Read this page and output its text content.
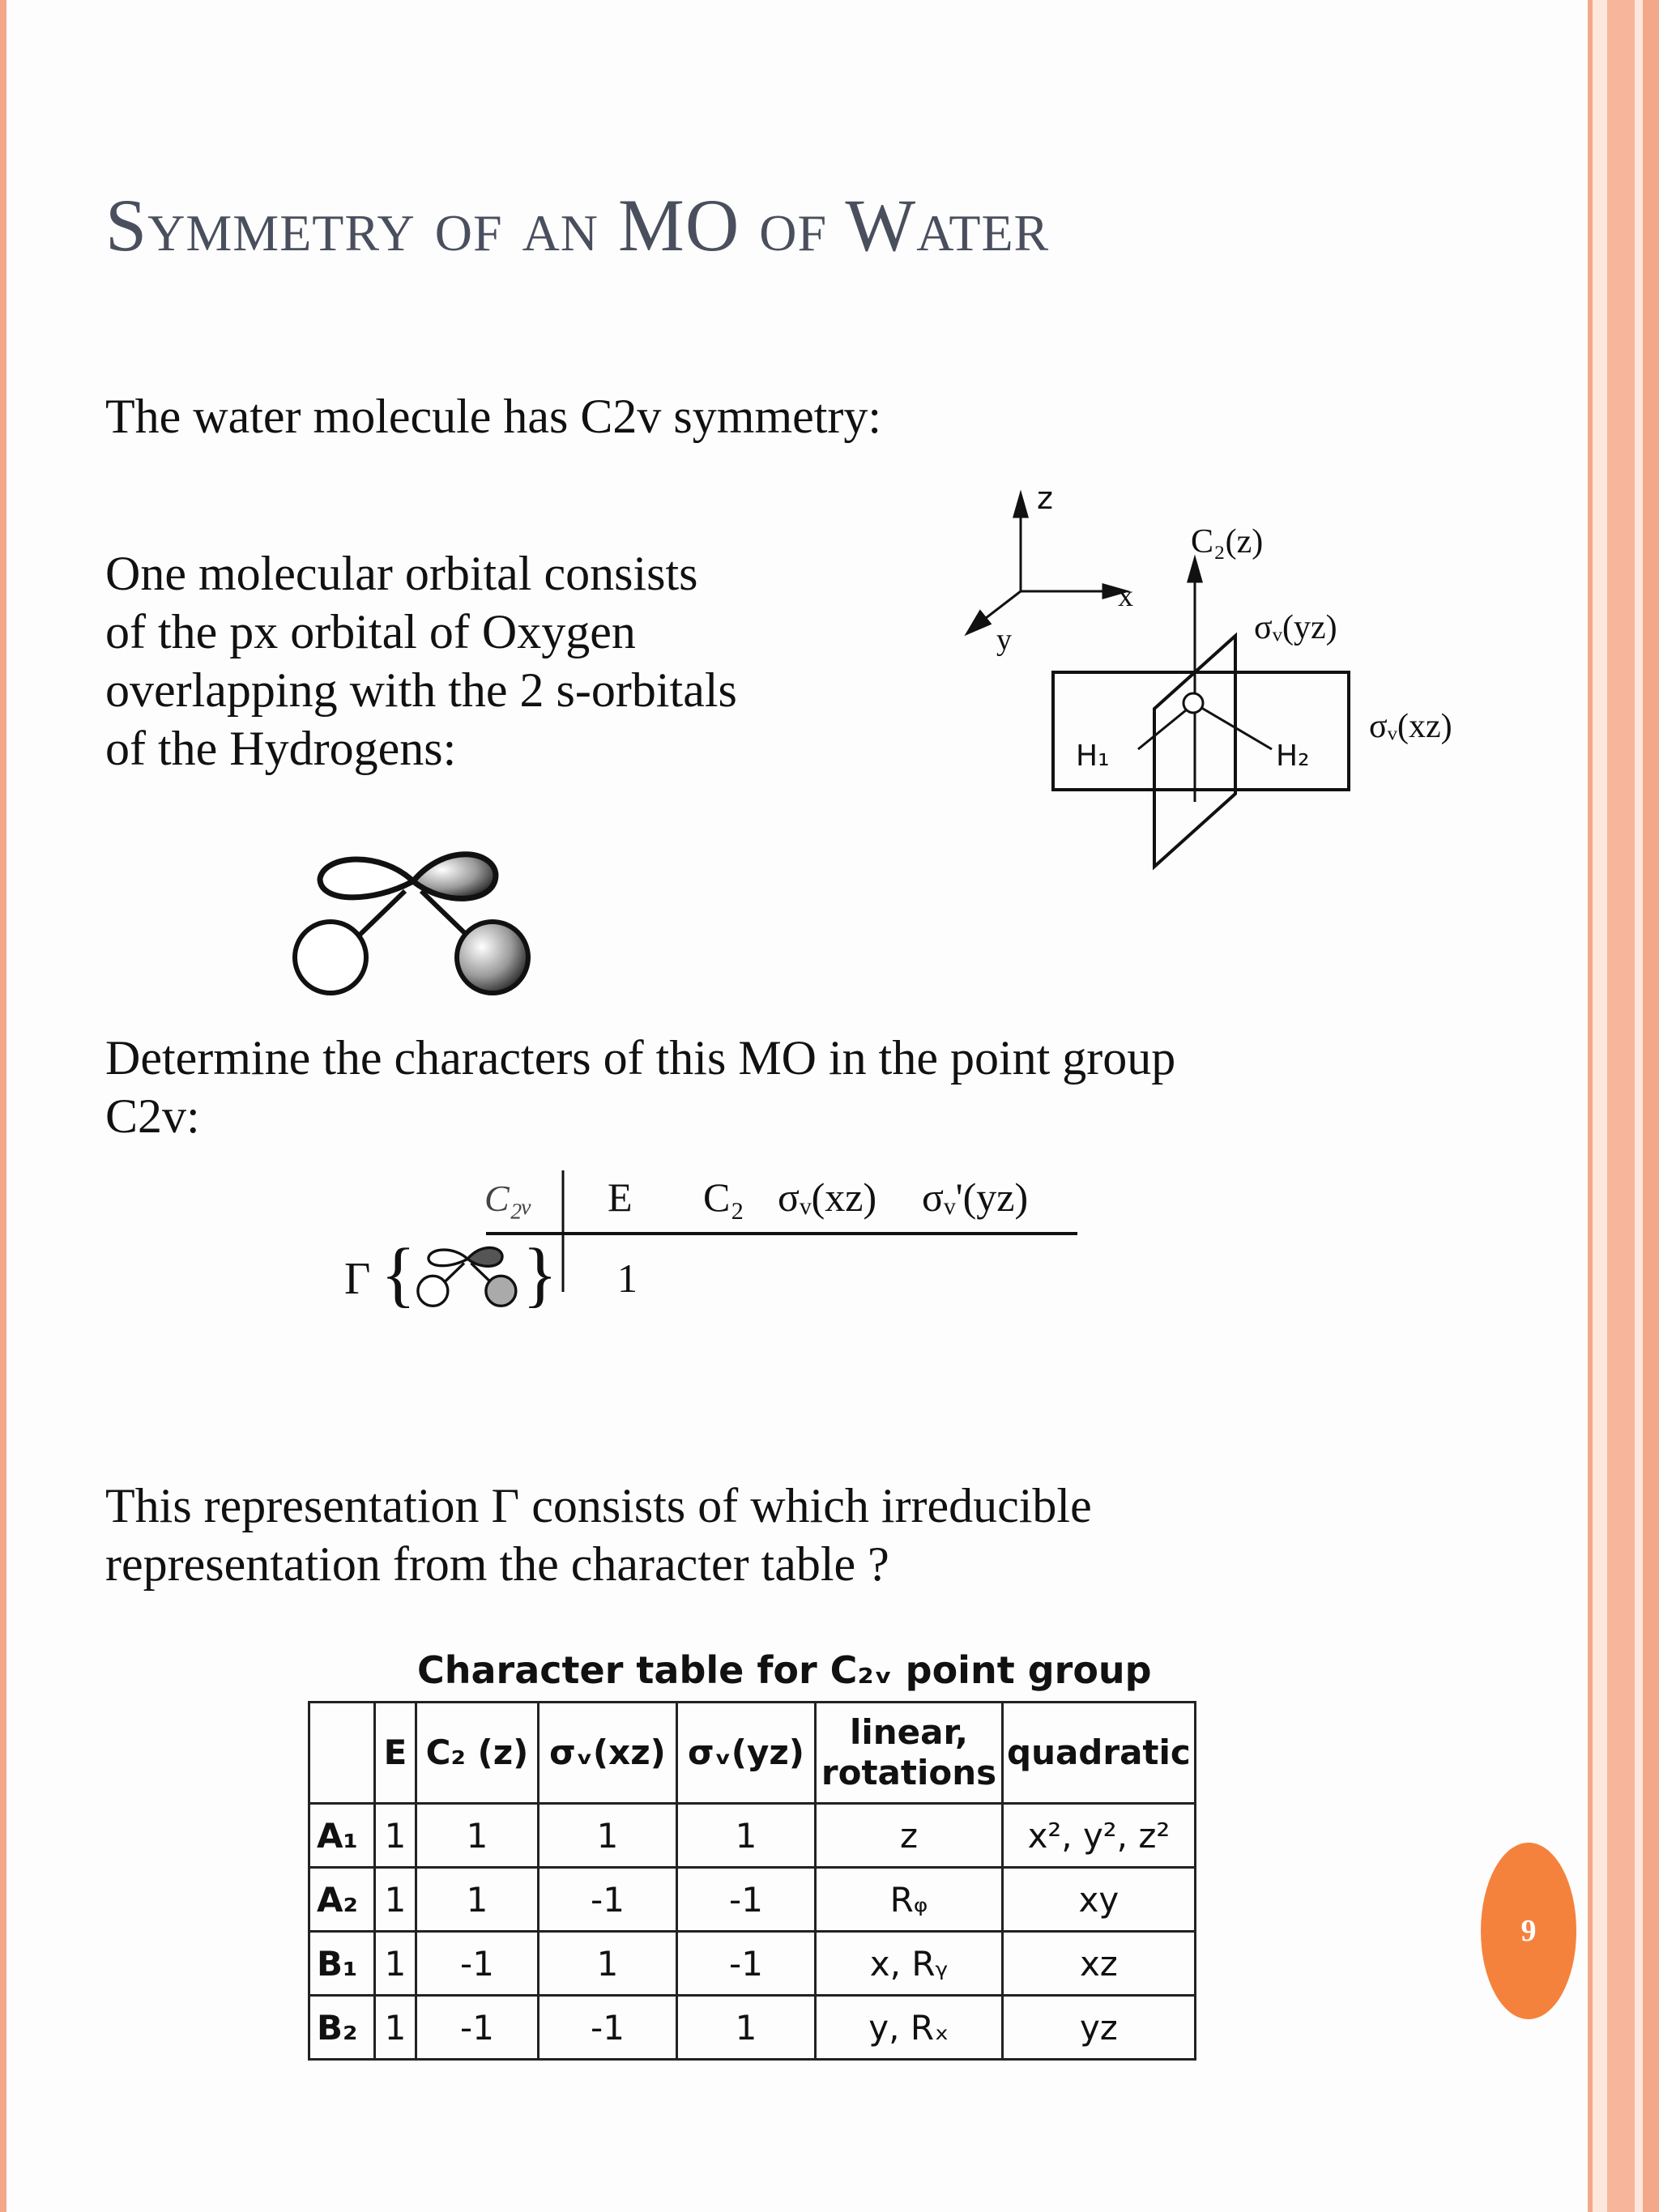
Symmetry of an MO of Water
The water molecule has C2v symmetry:
One molecular orbital consists
of the px orbital of Oxygen
overlapping with the 2 s-orbitals
of the Hydrogens:
z
x
y
C₂(z)
σᵥ(yz)
σᵥ(xz)
H₁	H₂
Determine the characters of this MO in the point group
C2v:
C₂ᵥ E C₂ σᵥ(xz) σᵥ'(yz)
Γ { } 1
This representation Γ consists of which irreducible
representation from the character table ?
Character table for C₂ᵥ point group
	E	C₂ (z)	σᵥ(xz)	σᵥ(yz)	linear, rotations	quadratic
A₁	1	1	1	1	z	x², y², z²
A₂	1	1	-1	-1	Rᵩ	xy
B₁	1	-1	1	-1	x, Rᵧ	xz
B₂	1	-1	-1	1	y, Rₓ	yz
9
